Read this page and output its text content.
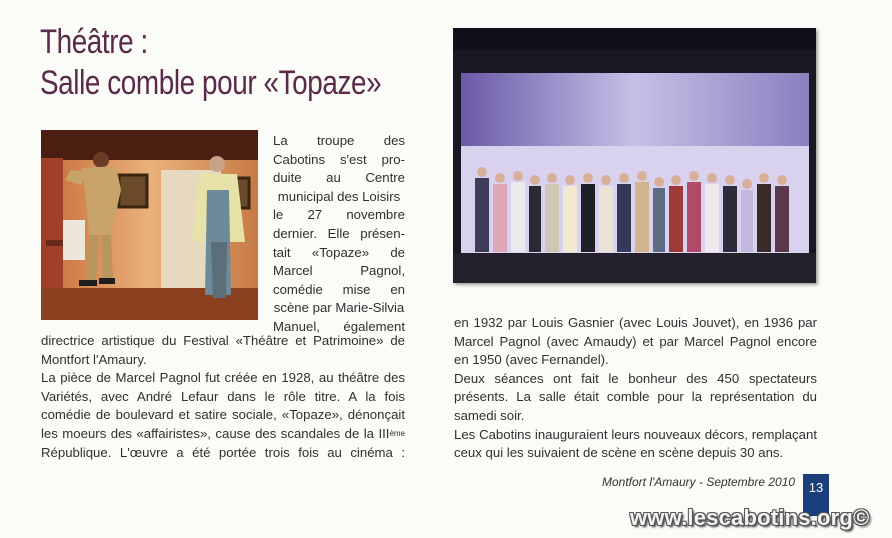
Théâtre :
Salle comble pour «Topaze»
La troupe des
Cabotins s'est pro-
duite au Centre
municipal des Loisirs
le 27 novembre
dernier. Elle présen-
tait «Topaze» de
Marcel	Pagnol,
comédie mise en
scène par Marie-Silvia
Manuel, également
directrice artistique du Festival «Théâtre et Patrimoine» de
Montfort l'Amaury.
La pièce de Marcel Pagnol fut créée en 1928, au théâtre des
Variétés, avec André Lefaur dans le rôle titre. A la fois
comédie de boulevard et satire sociale, «Topaze», dénonçait
les moeurs des «affairistes», cause des scandales de la IIIème
République. L'œuvre a été portée trois fois au cinéma :
en 1932 par Louis Gasnier (avec Louis Jouvet), en 1936 par
Marcel Pagnol (avec Amaudy) et par Marcel Pagnol encore
en 1950 (avec Fernandel).
Deux séances ont fait le bonheur des 450 spectateurs
présents. La salle était comble pour la représentation du
samedi soir.
Les Cabotins inauguraient leurs nouveaux décors, remplaçant
ceux qui les suivaient de scène en scène depuis 30 ans.
Montfort l'Amaury - Septembre 2010	13
www.lescabotins.org©
